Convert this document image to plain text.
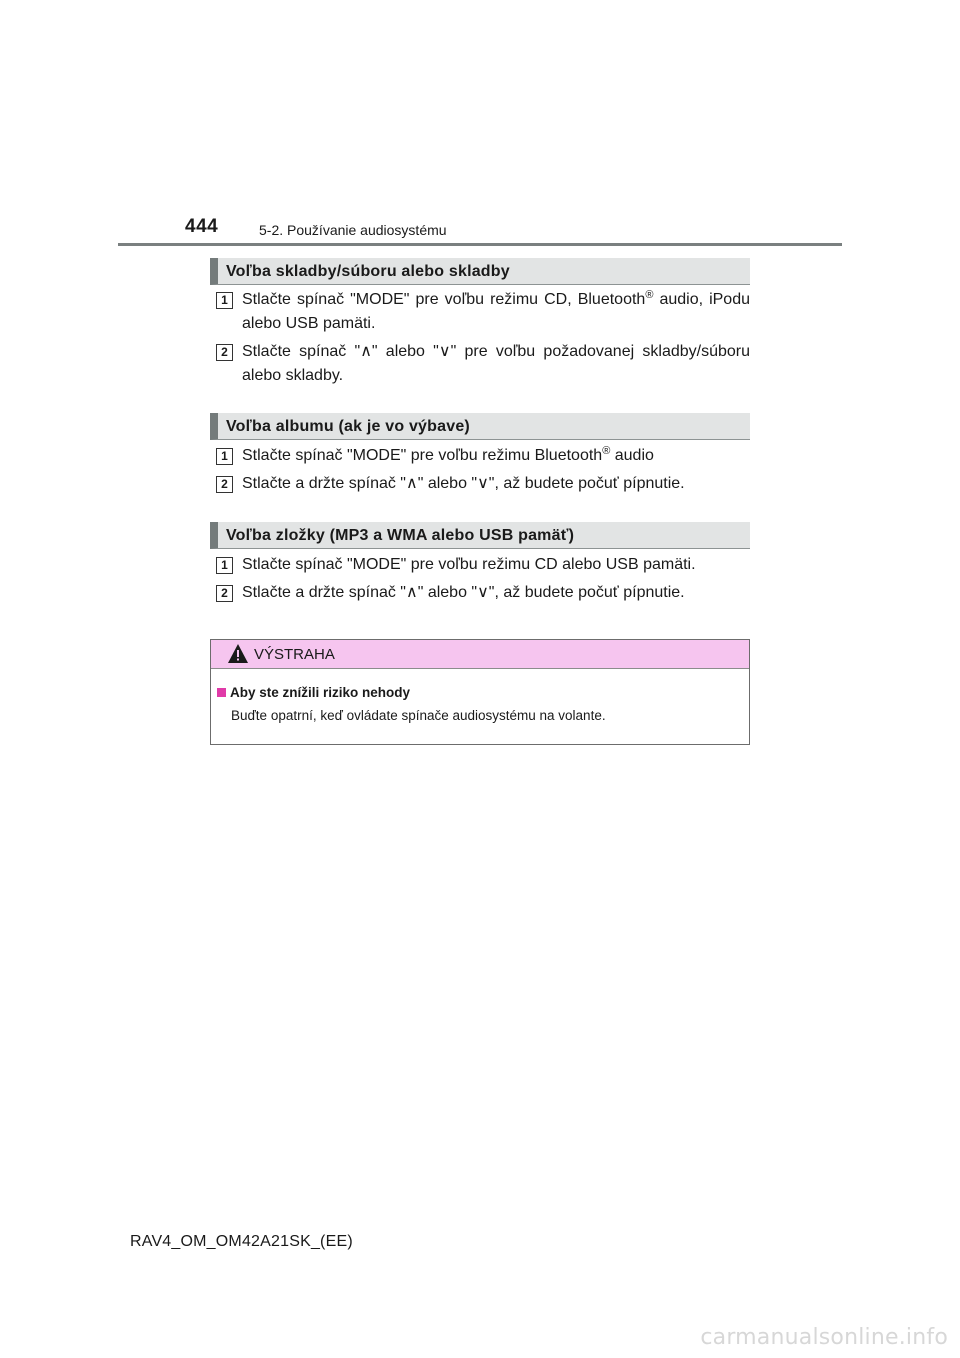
444	5-2. Používanie audiosystému
Voľba skladby/súboru alebo skladby
1 Stlačte spínač "MODE" pre voľbu režimu CD, Bluetooth® audio, iPodu alebo USB pamäti.
2 Stlačte spínač "∧" alebo "∨" pre voľbu požadovanej skladby/súboru alebo skladby.
Voľba albumu (ak je vo výbave)
1 Stlačte spínač "MODE" pre voľbu režimu Bluetooth® audio
2 Stlačte a držte spínač "∧" alebo "∨", až budete počuť pípnutie.
Voľba zložky (MP3 a WMA alebo USB pamäť)
1 Stlačte spínač "MODE" pre voľbu režimu CD alebo USB pamäti.
2 Stlačte a držte spínač "∧" alebo "∨", až budete počuť pípnutie.
VÝSTRAHA
Aby ste znížili riziko nehody
Buďte opatrní, keď ovládate spínače audiosystému na volante.
RAV4_OM_OM42A21SK_(EE)
carmanualsonline.info
